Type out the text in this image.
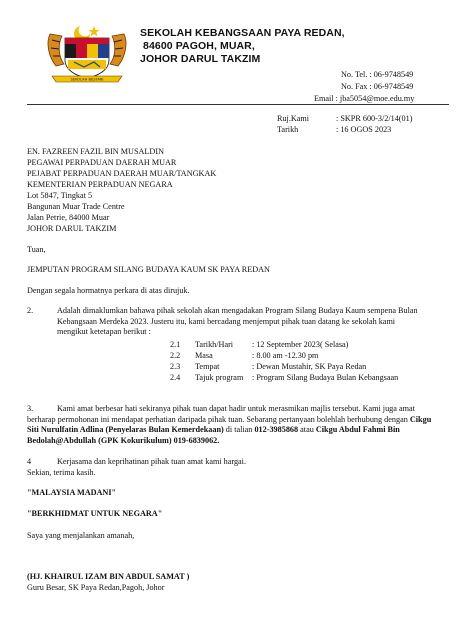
SEKOLAH BESTARI
SEKOLAH KEBANGSAAN PAYA REDAN,
84600 PAGOH, MUAR,
JOHOR DARUL TAKZIM
No. Tel. : 06-9748549
No. Fax : 06-9748549
Email : jba5054@moe.edu.my
Ruj.Kami	: SKPR 600-3/2/14(01)
Tarikh	: 16 OGOS 2023
EN. FAZREEN FAZIL BIN MUSALDIN
PEGAWAI PERPADUAN DAERAH MUAR
PEJABAT PERPADUAN DAERAH MUAR/TANGKAK
KEMENTERIAN PERPADUAN NEGARA
Lot 5847, Tingkat 5
Bangunan Muar Trade Centre
Jalan Petrie, 84000 Muar
JOHOR DARUL TAKZIM
Tuan,
JEMPUTAN PROGRAM SILANG BUDAYA KAUM SK PAYA REDAN
Dengan segala hormatnya perkara di atas dirujuk.
2.	Adalah dimaklumkan bahawa pihak sekolah akan mengadakan Program Silang Budaya Kaum sempena Bulan Kebangsaan Merdeka 2023. Justeru itu, kami bercadang menjemput pihak tuan datang ke sekolah kami mengikut ketetapan berikut :
2.1 Tarikh/Hari : 12 September 2023( Selasa)
2.2 Masa	: 8.00 am -12.30 pm
2.3 Tempat	: Dewan Mustahir, SK Paya Redan
2.4 Tajuk program : Program Silang Budaya Bulan Kebangsaan
3.	Kami amat berbesar hati sekiranya pihak tuan dapat hadir untuk merasmikan majlis tersebut. Kami juga amat berharap permohonan ini mendapat perhatian daripada pihak tuan. Sebarang pertanyaan bolehlah berhubung dengan Cikgu Siti Nurulfatin Adlina (Penyelaras Bulan Kemerdekaan) di talian 012-3985868 atau Cikgu Abdul Fahmi Bin Bedolah@Abdullah (GPK Kokurikulum) 019-6839062.
4	Kerjasama dan keprihatinan pihak tuan amat kami hargai.
Sekian, terima kasih.
"MALAYSIA MADANI"
"BERKHIDMAT UNTUK NEGARA"
Saya yang menjalankan amanah,
(HJ. KHAIRUL IZAM BIN ABDUL SAMAT )
Guru Besar, SK Paya Redan,Pagoh, Johor
